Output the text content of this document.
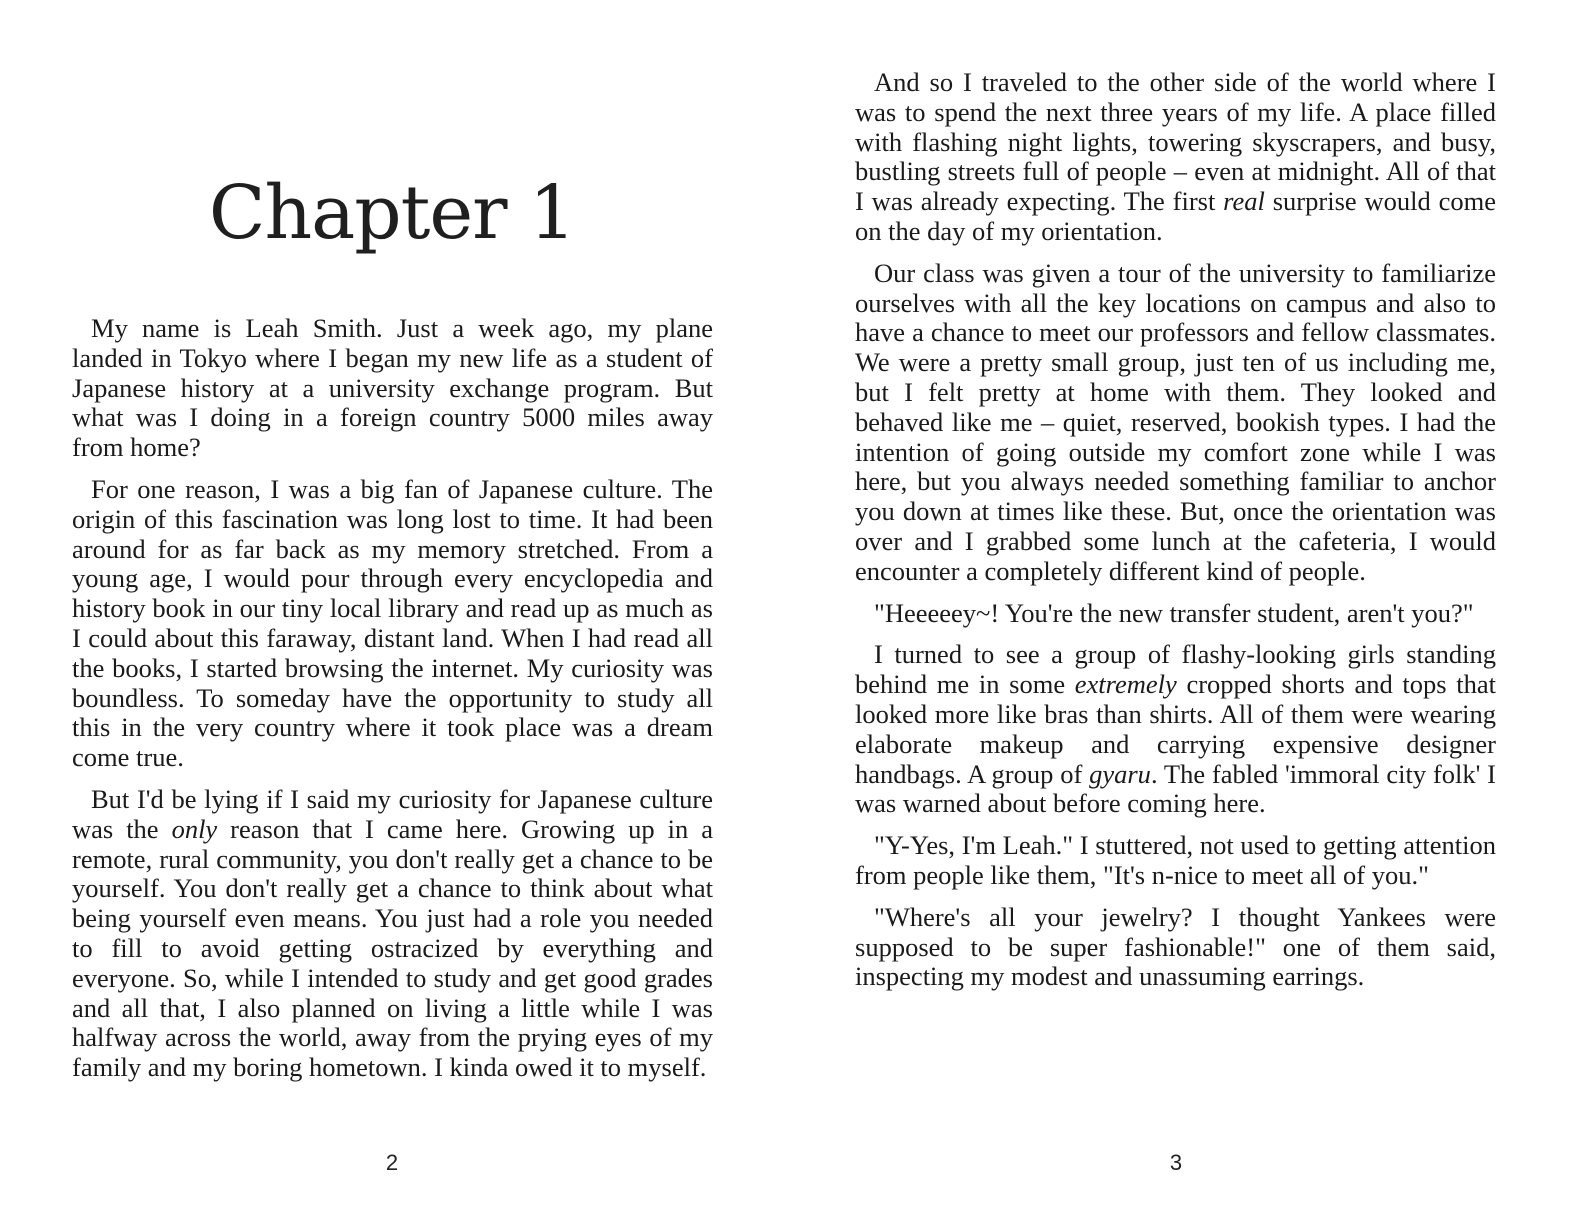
Chapter 1

My name is Leah Smith. Just a week ago, my plane landed in Tokyo where I began my new life as a student of Japanese history at a university exchange program. But what was I doing in a foreign country 5000 miles away from home?

For one reason, I was a big fan of Japanese culture. The origin of this fascination was long lost to time. It had been around for as far back as my memory stretched. From a young age, I would pour through every encyclopedia and history book in our tiny local library and read up as much as I could about this faraway, distant land. When I had read all the books, I started browsing the internet. My curiosity was boundless. To someday have the opportunity to study all this in the very country where it took place was a dream come true.

But I'd be lying if I said my curiosity for Japanese culture was the only reason that I came here. Growing up in a remote, rural community, you don't really get a chance to be yourself. You don't really get a chance to think about what being yourself even means. You just had a role you needed to fill to avoid getting ostracized by everything and everyone. So, while I intended to study and get good grades and all that, I also planned on living a little while I was halfway across the world, away from the prying eyes of my family and my boring hometown. I kinda owed it to myself.

2

And so I traveled to the other side of the world where I was to spend the next three years of my life. A place filled with flashing night lights, towering skyscrapers, and busy, bustling streets full of people – even at midnight. All of that I was already expecting. The first real surprise would come on the day of my orientation.

Our class was given a tour of the university to familiarize ourselves with all the key locations on campus and also to have a chance to meet our professors and fellow classmates. We were a pretty small group, just ten of us including me, but I felt pretty at home with them. They looked and behaved like me – quiet, reserved, bookish types. I had the intention of going outside my comfort zone while I was here, but you always needed something familiar to anchor you down at times like these. But, once the orientation was over and I grabbed some lunch at the cafeteria, I would encounter a completely different kind of people.

"Heeeeey~! You're the new transfer student, aren't you?"

I turned to see a group of flashy-looking girls standing behind me in some extremely cropped shorts and tops that looked more like bras than shirts. All of them were wearing elaborate makeup and carrying expensive designer handbags. A group of gyaru. The fabled 'immoral city folk' I was warned about before coming here.

"Y-Yes, I'm Leah." I stuttered, not used to getting attention from people like them, "It's n-nice to meet all of you."

"Where's all your jewelry? I thought Yankees were supposed to be super fashionable!" one of them said, inspecting my modest and unassuming earrings.

3
